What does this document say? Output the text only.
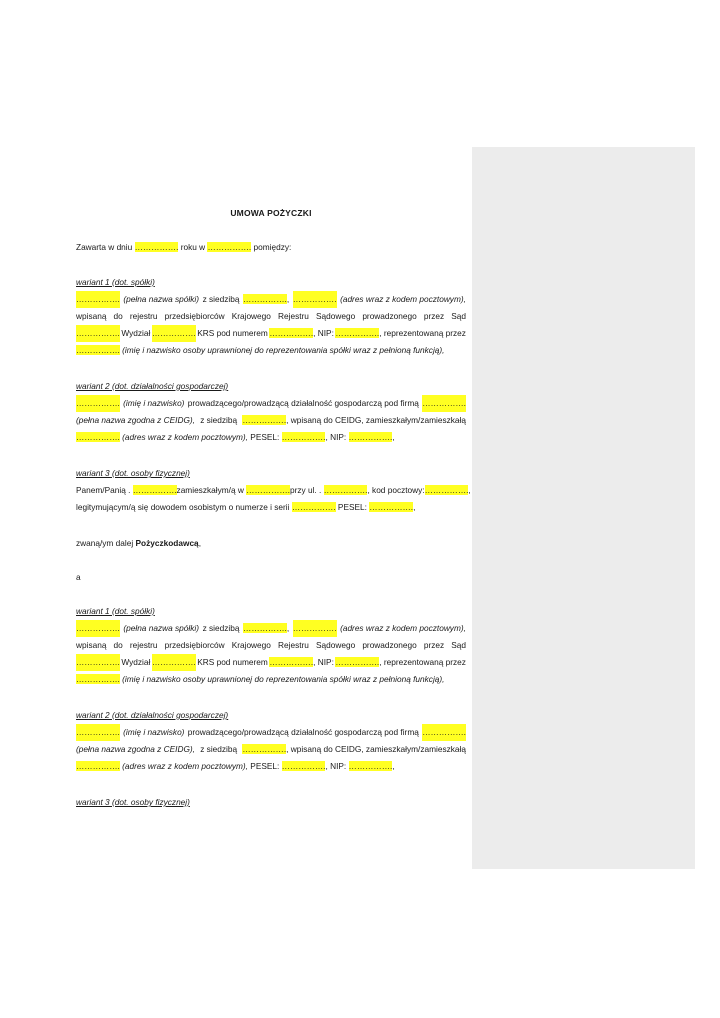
UMOWA POŻYCZKI
Zawarta w dniu ……………. roku w ……………. pomiędzy:
wariant 1 (dot. spółki)
……………. (pełna nazwa spółki) z siedzibą ……………., ……………. (adres wraz z kodem pocztowym),
wpisaną do rejestru przedsiębiorców Krajowego Rejestru Sądowego prowadzonego przez Sąd
……………. Wydział ……………. KRS pod numerem ……………., NIP: ……………., reprezentowaną przez
……………. (imię i nazwisko osoby uprawnionej do reprezentowania spółki wraz z pełnioną funkcją),
wariant 2 (dot. działalności gospodarczej)
……………. (imię i nazwisko) prowadzącego/prowadzącą działalność gospodarczą pod firmą …………….
(pełna nazwa zgodna z CEIDG), z siedzibą ……………., wpisaną do CEIDG, zamieszkałym/zamieszkałą
……………. (adres wraz z kodem pocztowym), PESEL: ……………., NIP: …………….,
wariant 3 (dot. osoby fizycznej)
Panem/Panią . ……………. zamieszkałym/ą w ……………. przy ul. . ……………., kod pocztowy: …………….,
legitymującym/ą się dowodem osobistym o numerze i serii ……………. PESEL: …………….,
zwaną/ym dalej Pożyczkodawcą,
a
wariant 1 (dot. spółki)
……………. (pełna nazwa spółki) z siedzibą ……………., ……………. (adres wraz z kodem pocztowym),
wpisaną do rejestru przedsiębiorców Krajowego Rejestru Sądowego prowadzonego przez Sąd
……………. Wydział ……………. KRS pod numerem ……………., NIP: ……………., reprezentowaną przez
……………. (imię i nazwisko osoby uprawnionej do reprezentowania spółki wraz z pełnioną funkcją),
wariant 2 (dot. działalności gospodarczej)
……………. (imię i nazwisko) prowadzącego/prowadzącą działalność gospodarczą pod firmą …………….
(pełna nazwa zgodna z CEIDG), z siedzibą ……………., wpisaną do CEIDG, zamieszkałym/zamieszkałą
……………. (adres wraz z kodem pocztowym), PESEL: ……………., NIP: …………….,
wariant 3 (dot. osoby fizycznej)
